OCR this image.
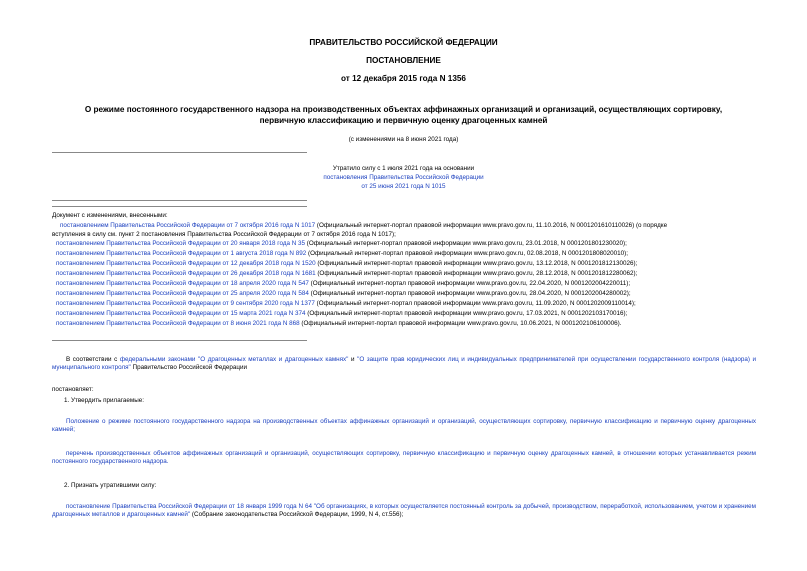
ПРАВИТЕЛЬСТВО РОССИЙСКОЙ ФЕДЕРАЦИИ
ПОСТАНОВЛЕНИЕ
от 12 декабря 2015 года N 1356
О режиме постоянного государственного надзора на производственных объектах аффинажных организаций и организаций, осуществляющих сортировку,
первичную классификацию и первичную оценку драгоценных камней
(с изменениями на 8 июня 2021 года)
Утратило силу с 1 июля 2021 года на основании
постановления Правительства Российской Федерации
от 25 июня 2021 года N 1015
Документ с изменениями, внесенными:
постановлением Правительства Российской Федерации от 7 октября 2016 года N 1017 (Официальный интернет-портал правовой информации www.pravo.gov.ru, 11.10.2016, N 0001201610110026) (о порядке
вступления в силу см. пункт 2 постановления Правительства Российской Федерации от 7 октября 2016 года N 1017);
постановлением Правительства Российской Федерации от 20 января 2018 года N 35 (Официальный интернет-портал правовой информации www.pravo.gov.ru, 23.01.2018, N 0001201801230020);
постановлением Правительства Российской Федерации от 1 августа 2018 года N 892 (Официальный интернет-портал правовой информации www.pravo.gov.ru, 02.08.2018, N 0001201808020010);
постановлением Правительства Российской Федерации от 12 декабря 2018 года N 1520 (Официальный интернет-портал правовой информации www.pravo.gov.ru, 13.12.2018, N 0001201812130026);
постановлением Правительства Российской Федерации от 26 декабря 2018 года N 1681 (Официальный интернет-портал правовой информации www.pravo.gov.ru, 28.12.2018, N 0001201812280062);
постановлением Правительства Российской Федерации от 18 апреля 2020 года N 547 (Официальный интернет-портал правовой информации www.pravo.gov.ru, 22.04.2020, N 0001202004220011);
постановлением Правительства Российской Федерации от 25 апреля 2020 года N 584 (Официальный интернет-портал правовой информации www.pravo.gov.ru, 28.04.2020, N 0001202004280002);
постановлением Правительства Российской Федерации от 9 сентября 2020 года N 1377 (Официальный интернет-портал правовой информации www.pravo.gov.ru, 11.09.2020, N 0001202009110014);
постановлением Правительства Российской Федерации от 15 марта 2021 года N 374 (Официальный интернет-портал правовой информации www.pravo.gov.ru, 17.03.2021, N 0001202103170016);
постановлением Правительства Российской Федерации от 8 июня 2021 года N 868 (Официальный интернет-портал правовой информации www.pravo.gov.ru, 10.06.2021, N 0001202106100006).
В соответствии с федеральными законами "О драгоценных металлах и драгоценных камнях" и "О защите прав юридических лиц и индивидуальных предпринимателей при осуществлении государственного контроля (надзора) и муниципального контроля" Правительство Российской Федерации
постановляет:
1. Утвердить прилагаемые:
Положение о режиме постоянного государственного надзора на производственных объектах аффинажных организаций и организаций, осуществляющих сортировку, первичную классификацию и первичную оценку драгоценных камней;
перечень производственных объектов аффинажных организаций и организаций, осуществляющих сортировку, первичную классификацию и первичную оценку драгоценных камней, в отношении которых устанавливается режим постоянного государственного надзора.
2. Признать утратившими силу:
постановление Правительства Российской Федерации от 18 января 1999 года N 64 "Об организациях, в которых осуществляется постоянный контроль за добычей, производством, переработкой, использованием, учетом и хранением драгоценных металлов и драгоценных камней" (Собрание законодательства Российской Федерации, 1999, N 4, ст.556);
